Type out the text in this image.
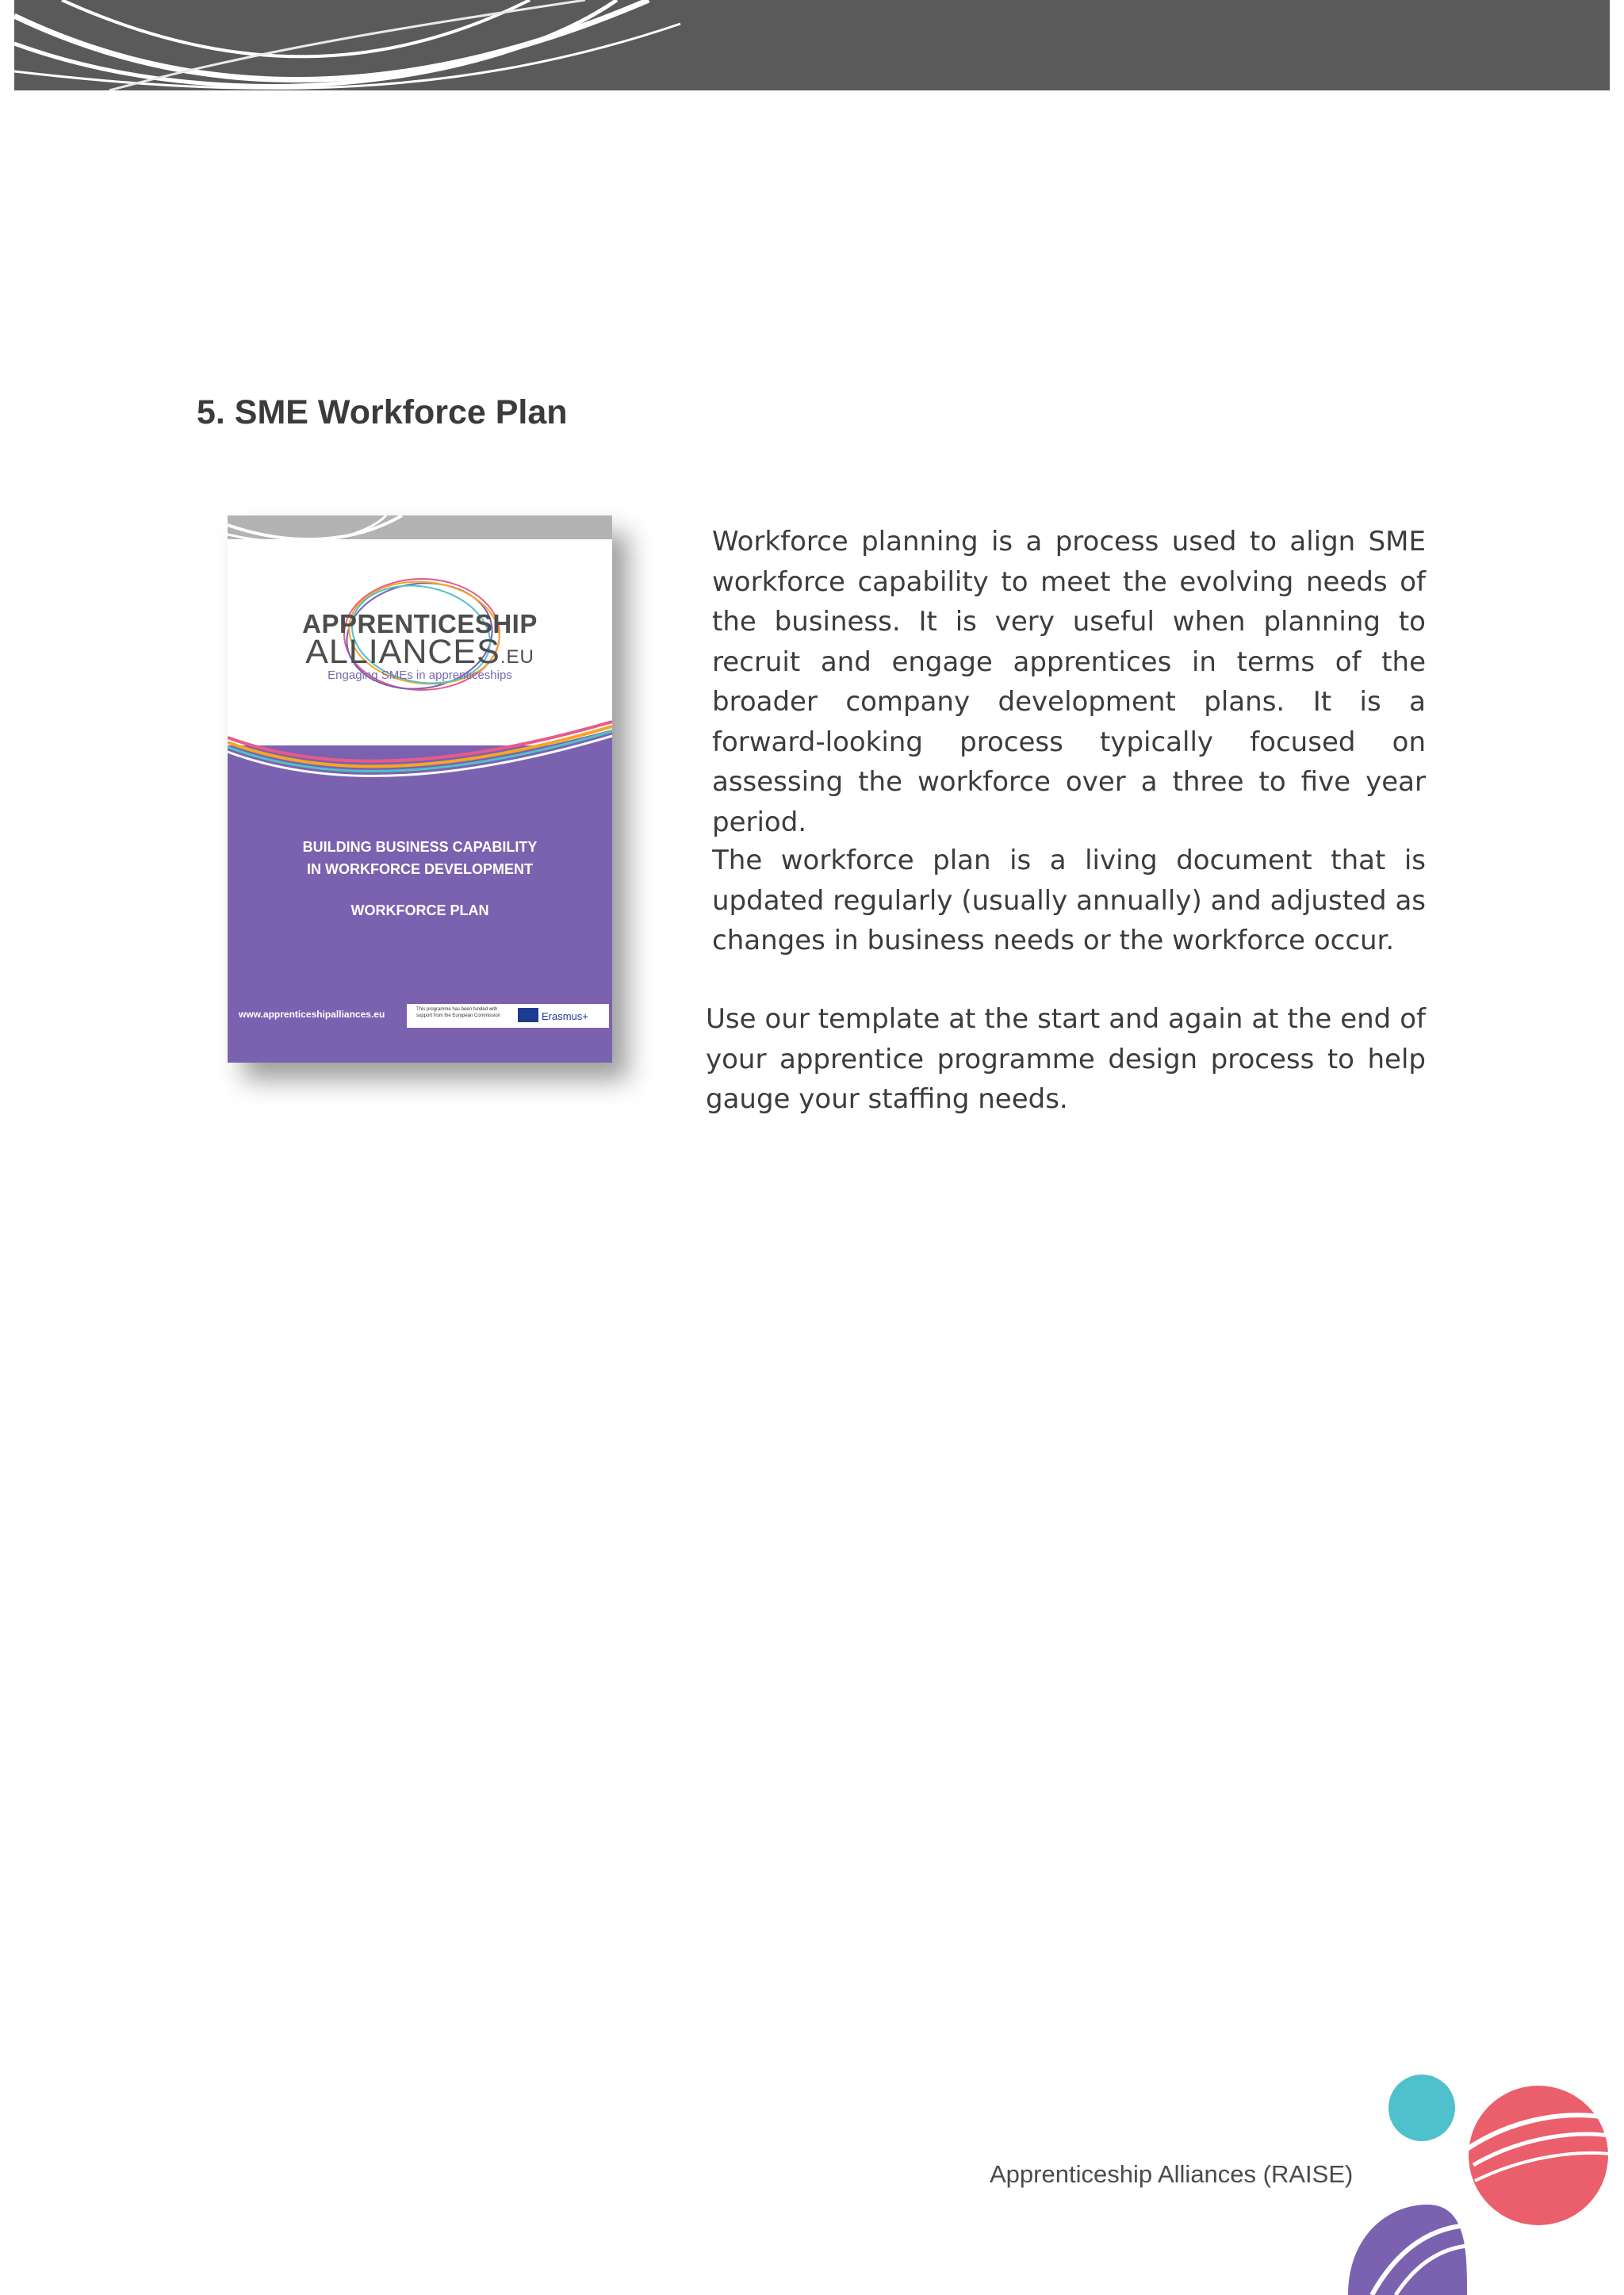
5. SME Workforce Plan
APPRENTICESHIP
ALLIANCES.EU
Engaging SMEs in apprenticeships
BUILDING BUSINESS CAPABILITY
IN WORKFORCE DEVELOPMENT
WORKFORCE PLAN
www.apprenticeshipalliances.eu	This programme has been funded with support from the European Commission	Erasmus+

Workforce planning is a process used to align SME workforce capability to meet the evolving needs of the business. It is very useful when planning to recruit and engage apprentices in terms of the broader company development plans. It is a forward-looking process typically focused on assessing the workforce over a three to five year period.

The workforce plan is a living document that is updated regularly (usually annually) and adjusted as changes in business needs or the workforce occur.

Use our template at the start and again at the end of your apprentice programme design process to help gauge your staffing needs.

Apprenticeship Alliances (RAISE)
